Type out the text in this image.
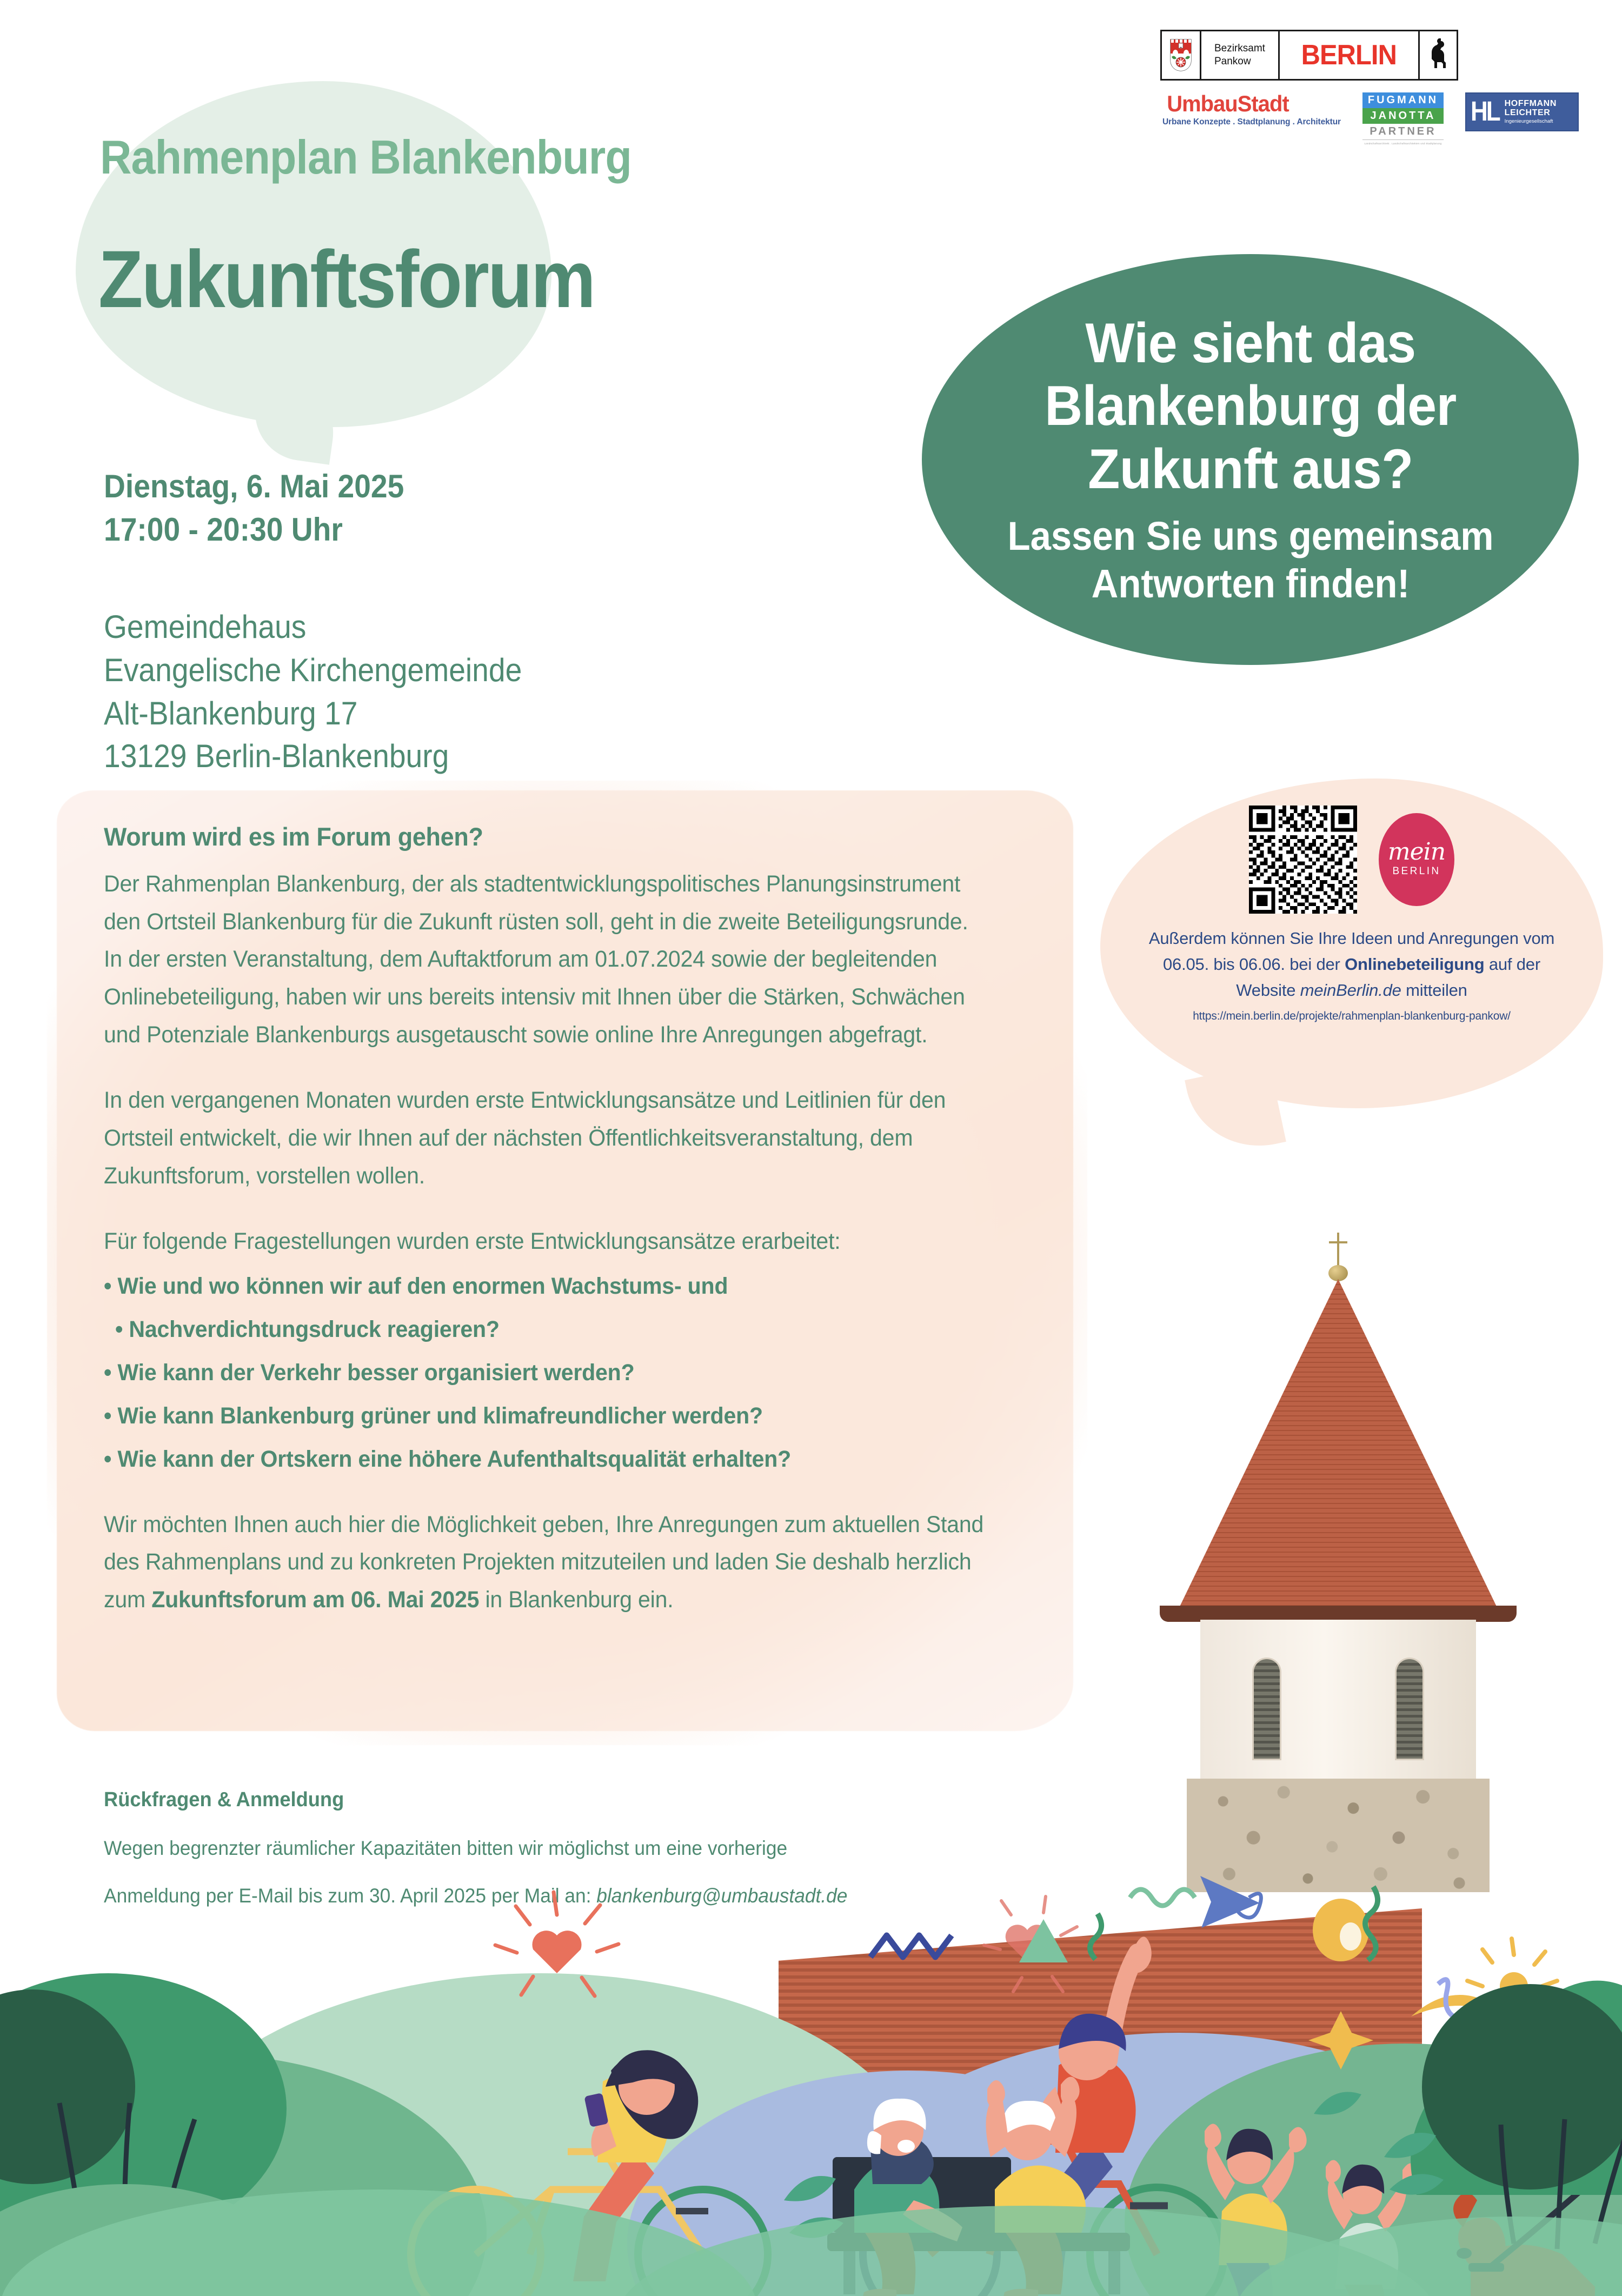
Bezirksamt
Pankow	BERLIN
UmbauStadt
Urbane Konzepte . Stadtplanung . Architektur
FUGMANN
JANOTTA
PARTNER
Landschaftsarchitekt . Landschaftsarchitekten und Stadtplanung
HL HOFFMANN
LEICHTER
Ingenieurgesellschaft
Rahmenplan Blankenburg
Zukunftsforum
Dienstag, 6. Mai 2025
17:00 - 20:30 Uhr
Gemeindehaus
Evangelische Kirchengemeinde
Alt-Blankenburg 17
13129 Berlin-Blankenburg
Wie sieht das Blankenburg der Zukunft aus?
Lassen Sie uns gemeinsam Antworten finden!
Worum wird es im Forum gehen?

Der Rahmenplan Blankenburg, der als stadtentwicklungspolitisches Planungsinstrument den Ortsteil Blankenburg für die Zukunft rüsten soll, geht in die zweite Beteiligungsrunde. In der ersten Veranstaltung, dem Auftaktforum am 01.07.2024 sowie der begleitenden Onlinebeteiligung, haben wir uns bereits intensiv mit Ihnen über die Stärken, Schwächen und Potenziale Blankenburgs ausgetauscht sowie online Ihre Anregungen abgefragt.

In den vergangenen Monaten wurden erste Entwicklungsansätze und Leitlinien für den Ortsteil entwickelt, die wir Ihnen auf der nächsten Öffentlichkeitsveranstaltung, dem Zukunftsforum, vorstellen wollen.

Für folgende Fragestellungen wurden erste Entwicklungsansätze erarbeitet:

• Wie und wo können wir auf den enormen Wachstums- und
• Nachverdichtungsdruck reagieren?
• Wie kann der Verkehr besser organisiert werden?
• Wie kann Blankenburg grüner und klimafreundlicher werden?
• Wie kann der Ortskern eine höhere Aufenthaltsqualität erhalten?

Wir möchten Ihnen auch hier die Möglichkeit geben, Ihre Anregungen zum aktuellen Stand des Rahmenplans und zu konkreten Projekten mitzuteilen und laden Sie deshalb herzlich zum Zukunftsforum am 06. Mai 2025 in Blankenburg ein.

Rückfragen & Anmeldung

Wegen begrenzter räumlicher Kapazitäten bitten wir möglichst um eine vorherige

Anmeldung per E-Mail bis zum 30. April 2025 per Mail an: blankenburg@umbaustadt.de

mein
BERLIN
Außerdem können Sie Ihre Ideen und Anregungen vom 06.05. bis 06.06. bei der Onlinebeteiligung auf der Website meinBerlin.de mitteilen
https://mein.berlin.de/projekte/rahmenplan-blankenburg-pankow/
